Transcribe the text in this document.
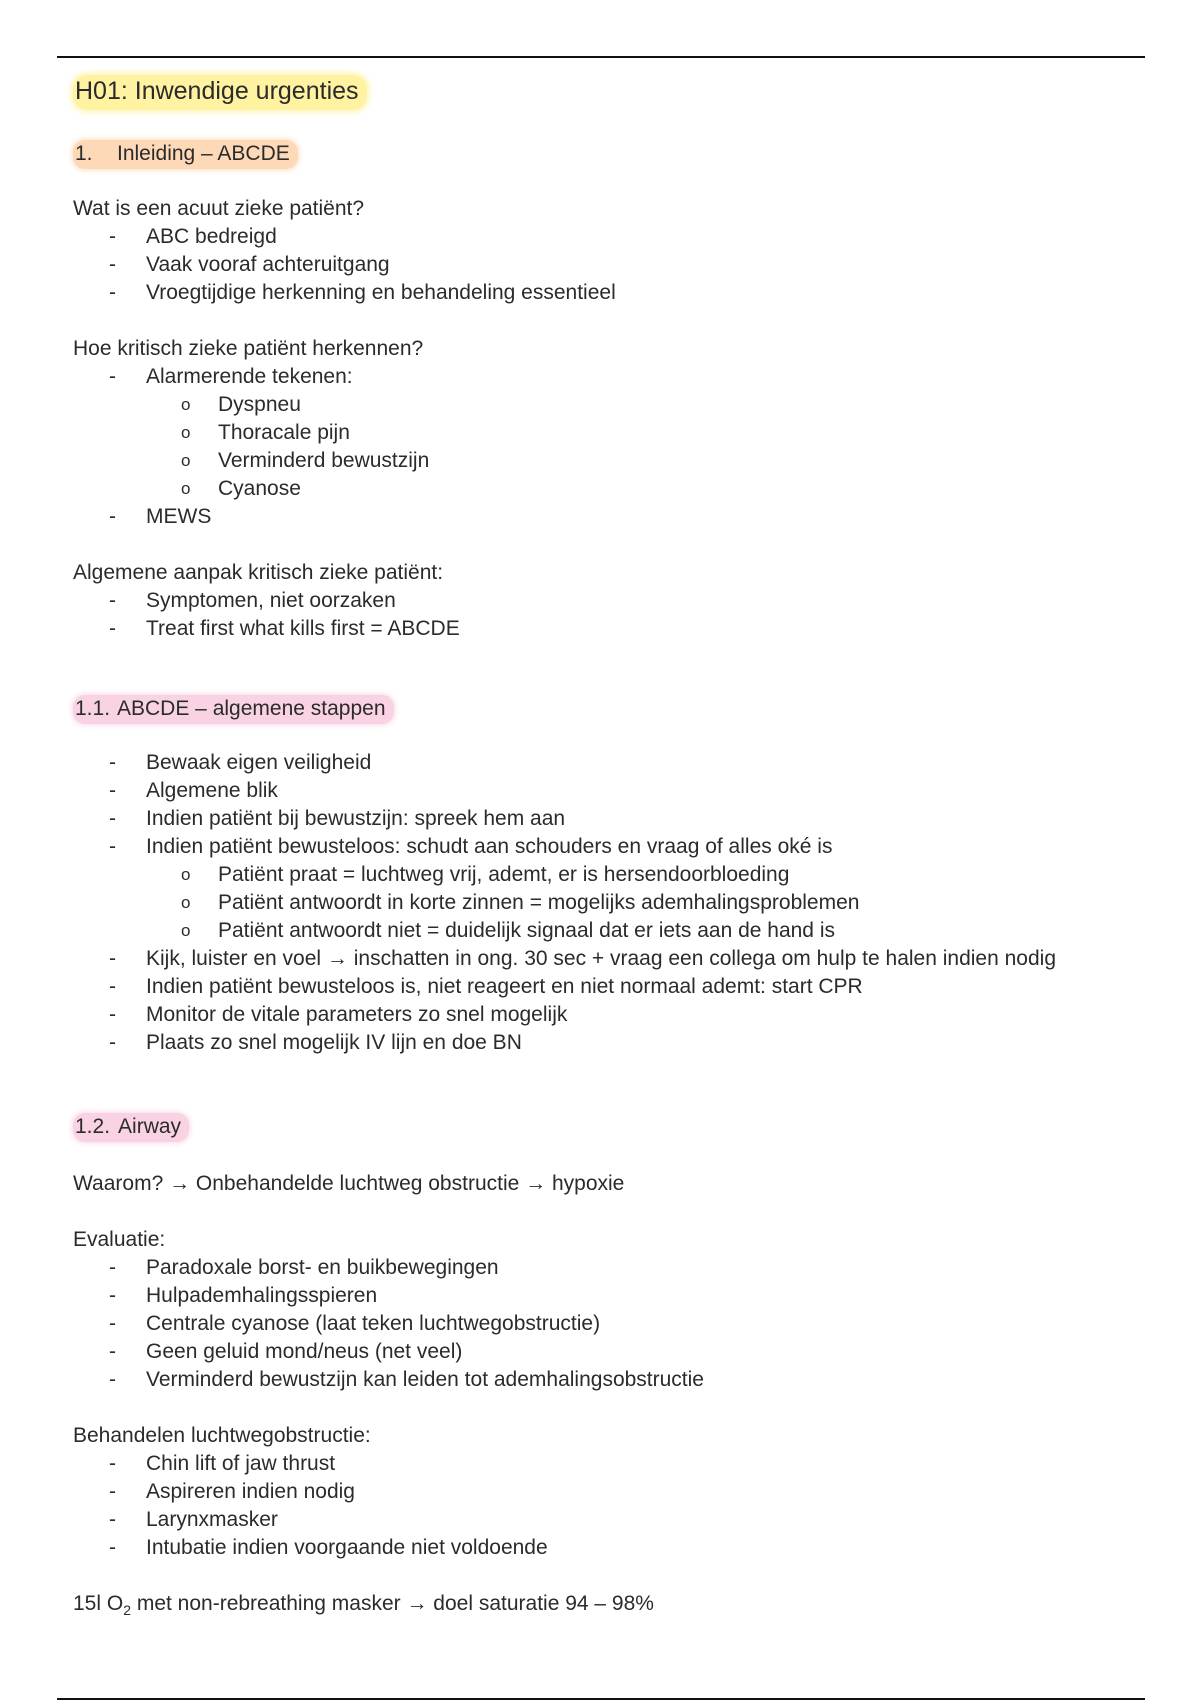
H01: Inwendige urgenties
1. Inleiding – ABCDE

Wat is een acuut zieke patiënt?

- ABC bedreigd
- Vaak vooraf achteruitgang
- Vroegtijdige herkenning en behandeling essentieel

Hoe kritisch zieke patiënt herkennen?

- Alarmerende tekenen:
o Dyspneu
o Thoracale pijn
o Verminderd bewustzijn
o Cyanose
- MEWS

Algemene aanpak kritisch zieke patiënt:

- Symptomen, niet oorzaken
- Treat first what kills first = ABCDE
1.1. ABCDE – algemene stappen
- Bewaak eigen veiligheid
- Algemene blik
- Indien patiënt bij bewustzijn: spreek hem aan
- Indien patiënt bewusteloos: schudt aan schouders en vraag of alles oké is
o Patiënt praat = luchtweg vrij, ademt, er is hersendoorbloeding
o Patiënt antwoordt in korte zinnen = mogelijks ademhalingsproblemen
o Patiënt antwoordt niet = duidelijk signaal dat er iets aan de hand is
- Kijk, luister en voel → inschatten in ong. 30 sec + vraag een collega om hulp te halen indien nodig
- Indien patiënt bewusteloos is, niet reageert en niet normaal ademt: start CPR
- Monitor de vitale parameters zo snel mogelijk
- Plaats zo snel mogelijk IV lijn en doe BN
1.2. Airway

Waarom? → Onbehandelde luchtweg obstructie → hypoxie

Evaluatie:

- Paradoxale borst- en buikbewegingen
- Hulpademhalingsspieren
- Centrale cyanose (laat teken luchtwegobstructie)
- Geen geluid mond/neus (net veel)
- Verminderd bewustzijn kan leiden tot ademhalingsobstructie

Behandelen luchtwegobstructie:

- Chin lift of jaw thrust
- Aspireren indien nodig
- Larynxmasker
- Intubatie indien voorgaande niet voldoende

15l $O_2$ met non-rebreathing masker → doel saturatie 94 – 98%
